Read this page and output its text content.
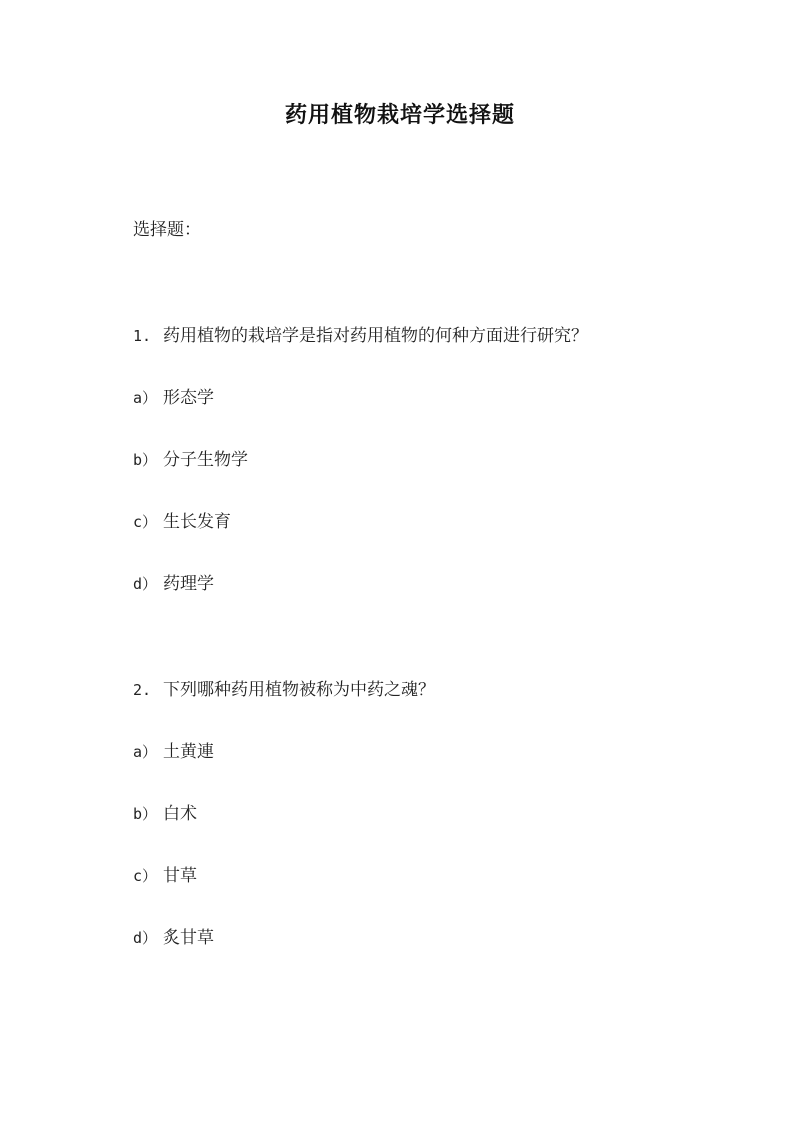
药用植物栽培学选择题
选择题：
1. 药用植物的栽培学是指对药用植物的何种方面进行研究？
a） 形态学
b） 分子生物学
c） 生长发育
d） 药理学
2. 下列哪种药用植物被称为中药之魂？
a） 土黄連
b） 白术
c） 甘草
d） 炙甘草
